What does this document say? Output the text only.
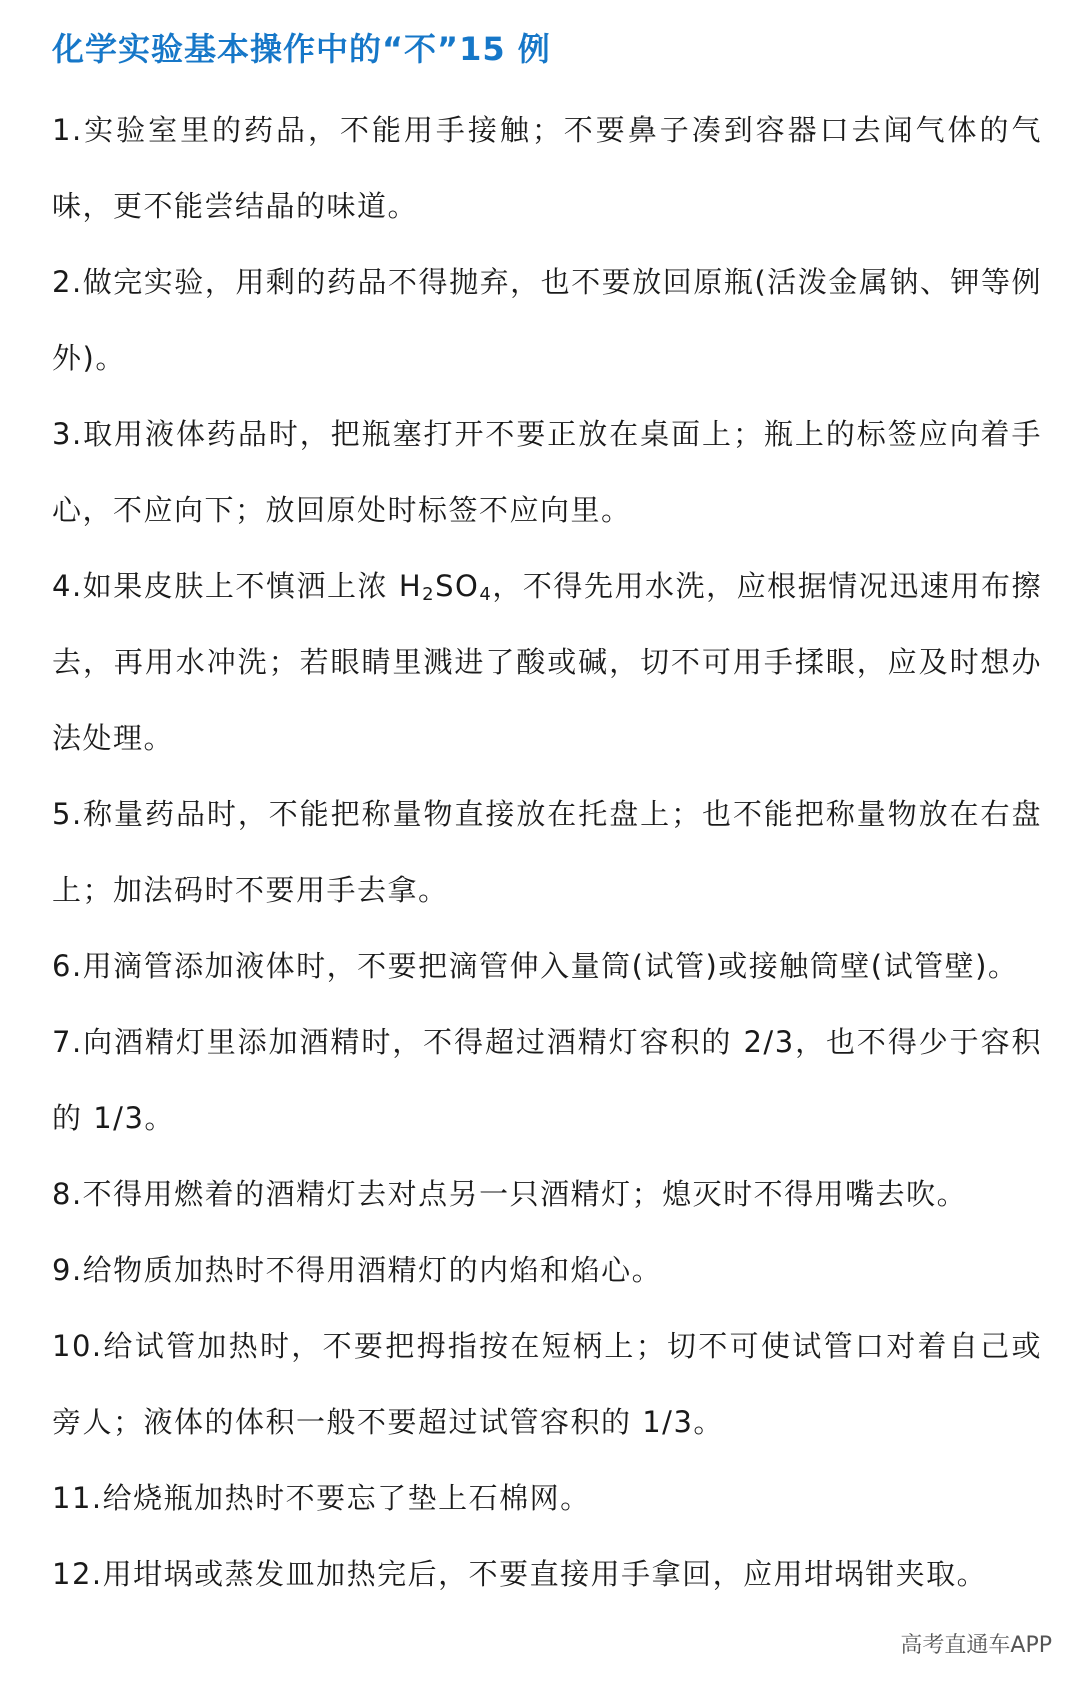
化学实验基本操作中的“不”15 例
1.实验室里的药品，不能用手接触；不要鼻子凑到容器口去闻气体的气味，更不能尝结晶的味道。
2.做完实验，用剩的药品不得抛弃，也不要放回原瓶(活泼金属钠、钾等例外)。
3.取用液体药品时，把瓶塞打开不要正放在桌面上；瓶上的标签应向着手心，不应向下；放回原处时标签不应向里。
4.如果皮肤上不慎洒上浓 $H_2SO_4$，不得先用水洗，应根据情况迅速用布擦去，再用水冲洗；若眼睛里溅进了酸或碱，切不可用手揉眼，应及时想办法处理。
5.称量药品时，不能把称量物直接放在托盘上；也不能把称量物放在右盘上；加法码时不要用手去拿。
6.用滴管添加液体时，不要把滴管伸入量筒(试管)或接触筒壁(试管壁)。
7.向酒精灯里添加酒精时，不得超过酒精灯容积的 2/3，也不得少于容积的 1/3。
8.不得用燃着的酒精灯去对点另一只酒精灯；熄灭时不得用嘴去吹。
9.给物质加热时不得用酒精灯的内焰和焰心。
10.给试管加热时，不要把拇指按在短柄上；切不可使试管口对着自己或旁人；液体的体积一般不要超过试管容积的 1/3。
11.给烧瓶加热时不要忘了垫上石棉网。
12.用坩埚或蒸发皿加热完后，不要直接用手拿回，应用坩埚钳夹取。
高考直通车APP
